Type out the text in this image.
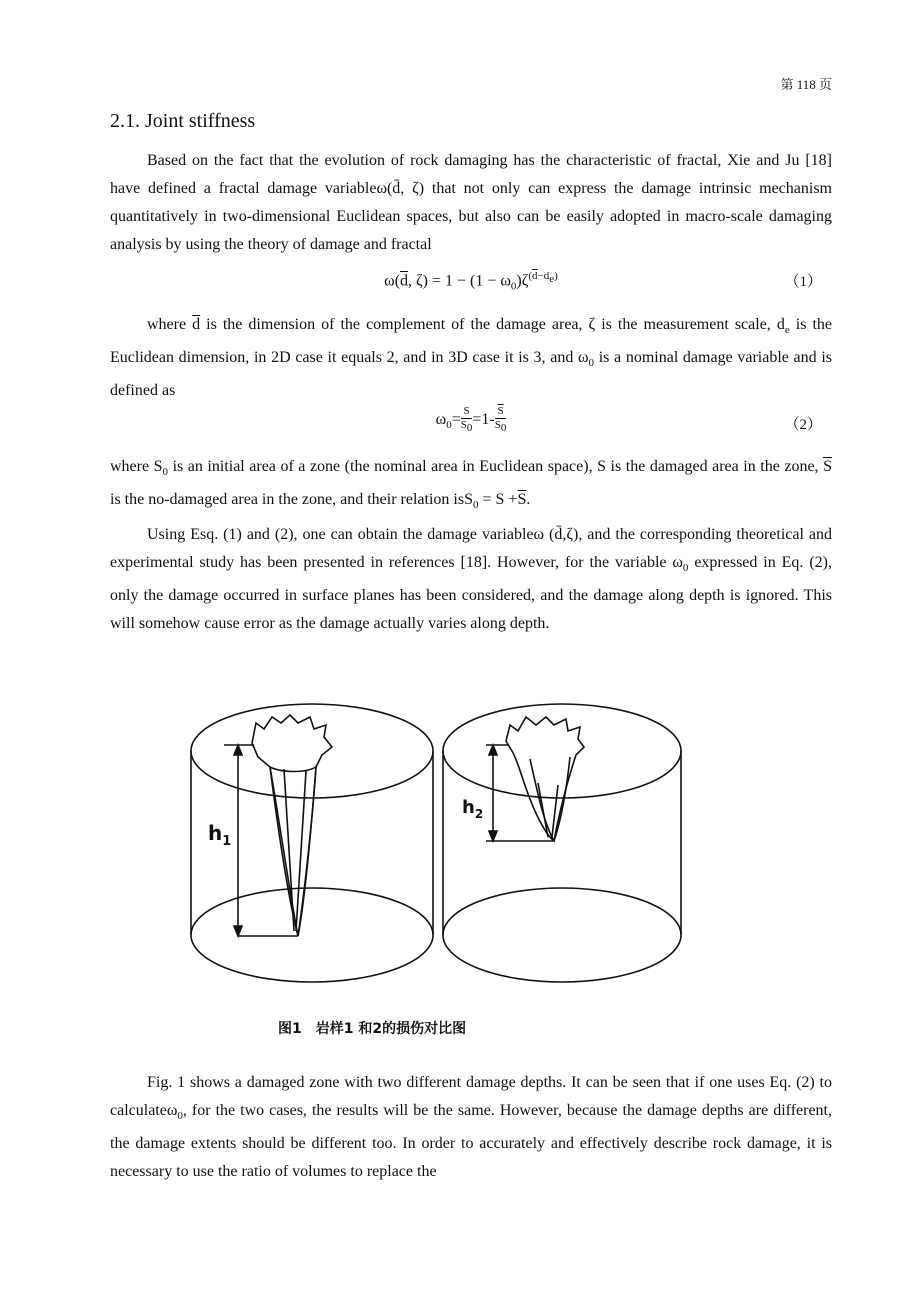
第 118 页
2.1. Joint stiffness

Based on the fact that the evolution of rock damaging has the characteristic of fractal, Xie and Ju [18] have defined a fractal damage variableω(d̄, ζ) that not only can express the damage intrinsic mechanism quantitatively in two-dimensional Euclidean spaces, but also can be easily adopted in macro-scale damaging analysis by using the theory of damage and fractal

$\omega(\overline{d}$, $\zeta) = 1 - (1 - \omega_0)\zeta^{(\overline{d}-d_e)}$	（1）

where $\overline{d}$ is the dimension of the complement of the damage area, ζ is the measurement scale, $d_e$ is the Euclidean dimension, in 2D case it equals 2, and in 3D case it is 3, and $\omega_0$ is a nominal damage variable and is defined as

$\omega_0= \frac{S}{S_0} =1- \frac{\overline{S}}{S_0}$	（2）

where $S_0$ is an initial area of a zone (the nominal area in Euclidean space), S is the damaged area in the zone, $\overline{S}$ is the no-damaged area in the zone, and their relation $isS_0 = S +\overline{S}$.

Using Esq. (1) and (2), one can obtain the damage variableω (d̄,ζ), and the corresponding theoretical and experimental study has been presented in references [18]. However, for the variable $\omega_0$ expressed in Eq. (2), only the damage occurred in surface planes has been considered, and the damage along depth is ignored. This will somehow cause error as the damage actually varies along depth.

$h_1$
$h_2$
图1　岩样1 和2的损伤对比图

Fig. 1 shows a damaged zone with two different damage depths. It can be seen that if one uses Eq. (2) to calculateω$_0$, for the two cases, the results will be the same. However, because the damage depths are different, the damage extents should be different too. In order to accurately and effectively describe rock damage, it is necessary to use the ratio of volumes to replace the
